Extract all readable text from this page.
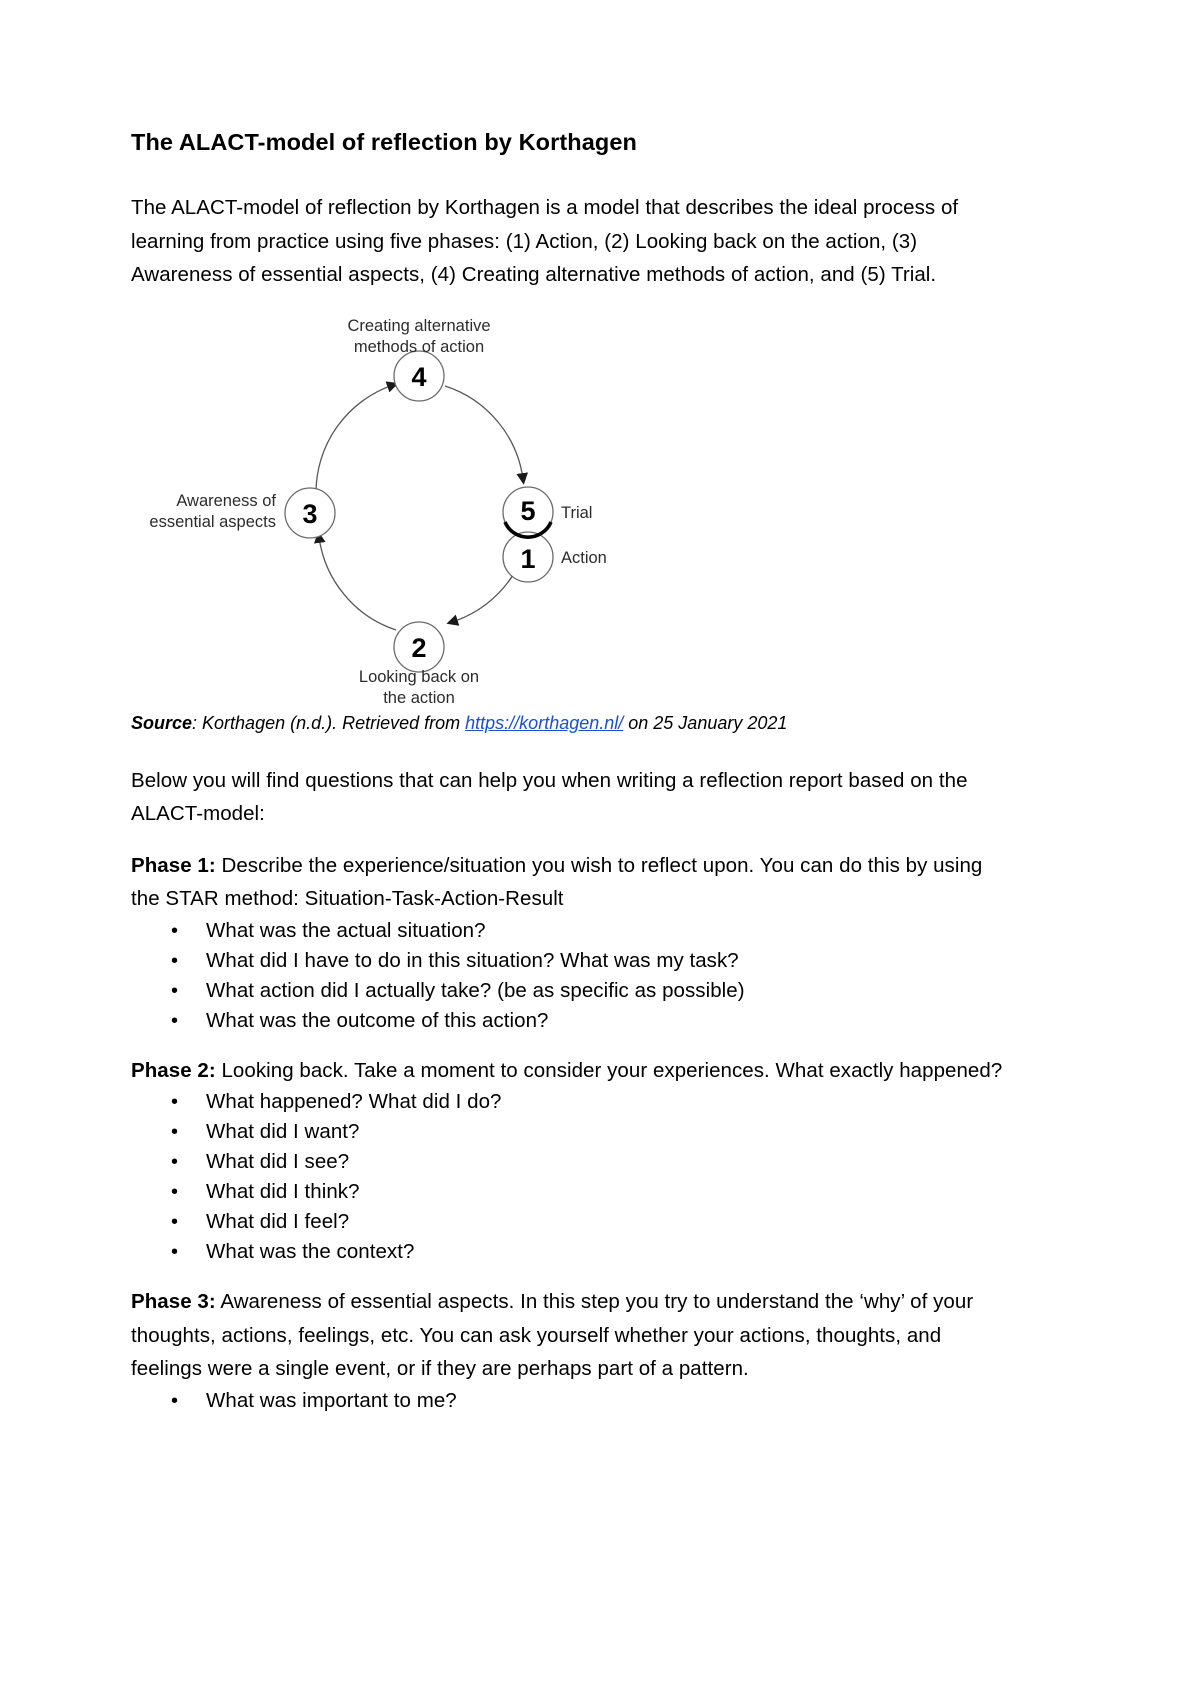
The ALACT-model of reflection by Korthagen

The ALACT-model of reflection by Korthagen is a model that describes the ideal process of learning from practice using five phases: (1) Action, (2) Looking back on the action, (3) Awareness of essential aspects, (4) Creating alternative methods of action, and (5) Trial.

4
3
2
5
1
Creating alternative
methods of action
Awareness of
essential aspects
Looking back on
the action
Trial
Action

Source: Korthagen (n.d.). Retrieved from https://korthagen.nl/ on 25 January 2021

Below you will find questions that can help you when writing a reflection report based on the ALACT-model:

Phase 1: Describe the experience/situation you wish to reflect upon. You can do this by using the STAR method: Situation-Task-Action-Result

• What was the actual situation?
• What did I have to do in this situation? What was my task?
• What action did I actually take? (be as specific as possible)
• What was the outcome of this action?

Phase 2: Looking back. Take a moment to consider your experiences. What exactly happened?

• What happened? What did I do?
• What did I want?
• What did I see?
• What did I think?
• What did I feel?
• What was the context?

Phase 3: Awareness of essential aspects. In this step you try to understand the ‘why’ of your thoughts, actions, feelings, etc. You can ask yourself whether your actions, thoughts, and feelings were a single event, or if they are perhaps part of a pattern.

• What was important to me?
